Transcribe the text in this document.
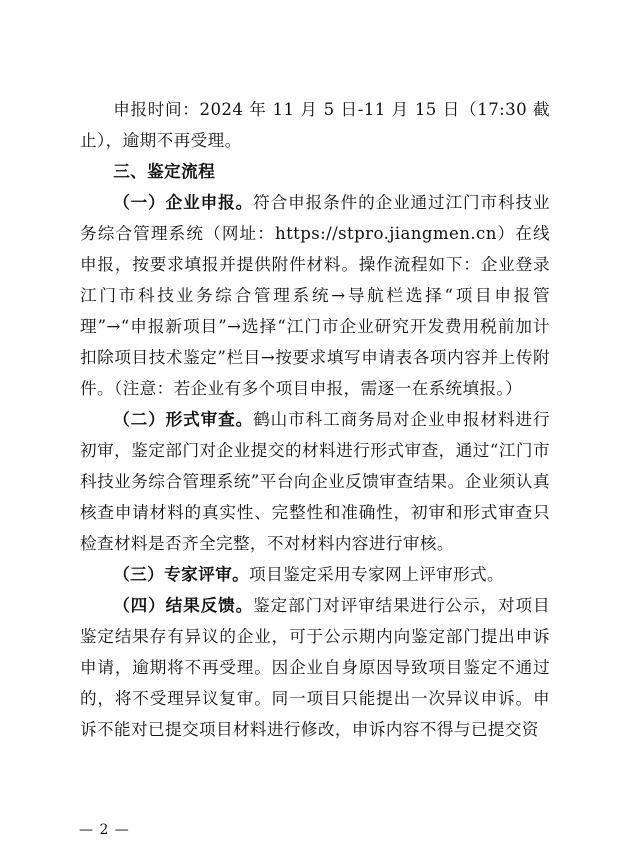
申报时间：2024 年 11 月 5 日-11 月 15 日（17:30 截止），逾期不再受理。

三、鉴定流程

（一）企业申报。符合申报条件的企业通过江门市科技业务综合管理系统（网址：https://stpro.jiangmen.cn）在线申报，按要求填报并提供附件材料。操作流程如下：企业登录江门市科技业务综合管理系统→导航栏选择“项目申报管理”→“申报新项目”→选择“江门市企业研究开发费用税前加计扣除项目技术鉴定”栏目→按要求填写申请表各项内容并上传附件。（注意：若企业有多个项目申报，需逐一在系统填报。）

（二）形式审查。鹤山市科工商务局对企业申报材料进行初审，鉴定部门对企业提交的材料进行形式审查，通过“江门市科技业务综合管理系统”平台向企业反馈审查结果。企业须认真核查申请材料的真实性、完整性和准确性，初审和形式审查只检查材料是否齐全完整，不对材料内容进行审核。

（三）专家评审。项目鉴定采用专家网上评审形式。

（四）结果反馈。鉴定部门对评审结果进行公示，对项目鉴定结果存有异议的企业，可于公示期内向鉴定部门提出申诉申请，逾期将不再受理。因企业自身原因导致项目鉴定不通过的，将不受理异议复审。同一项目只能提出一次异议申诉。申诉不能对已提交项目材料进行修改，申诉内容不得与已提交资

— 2 —
